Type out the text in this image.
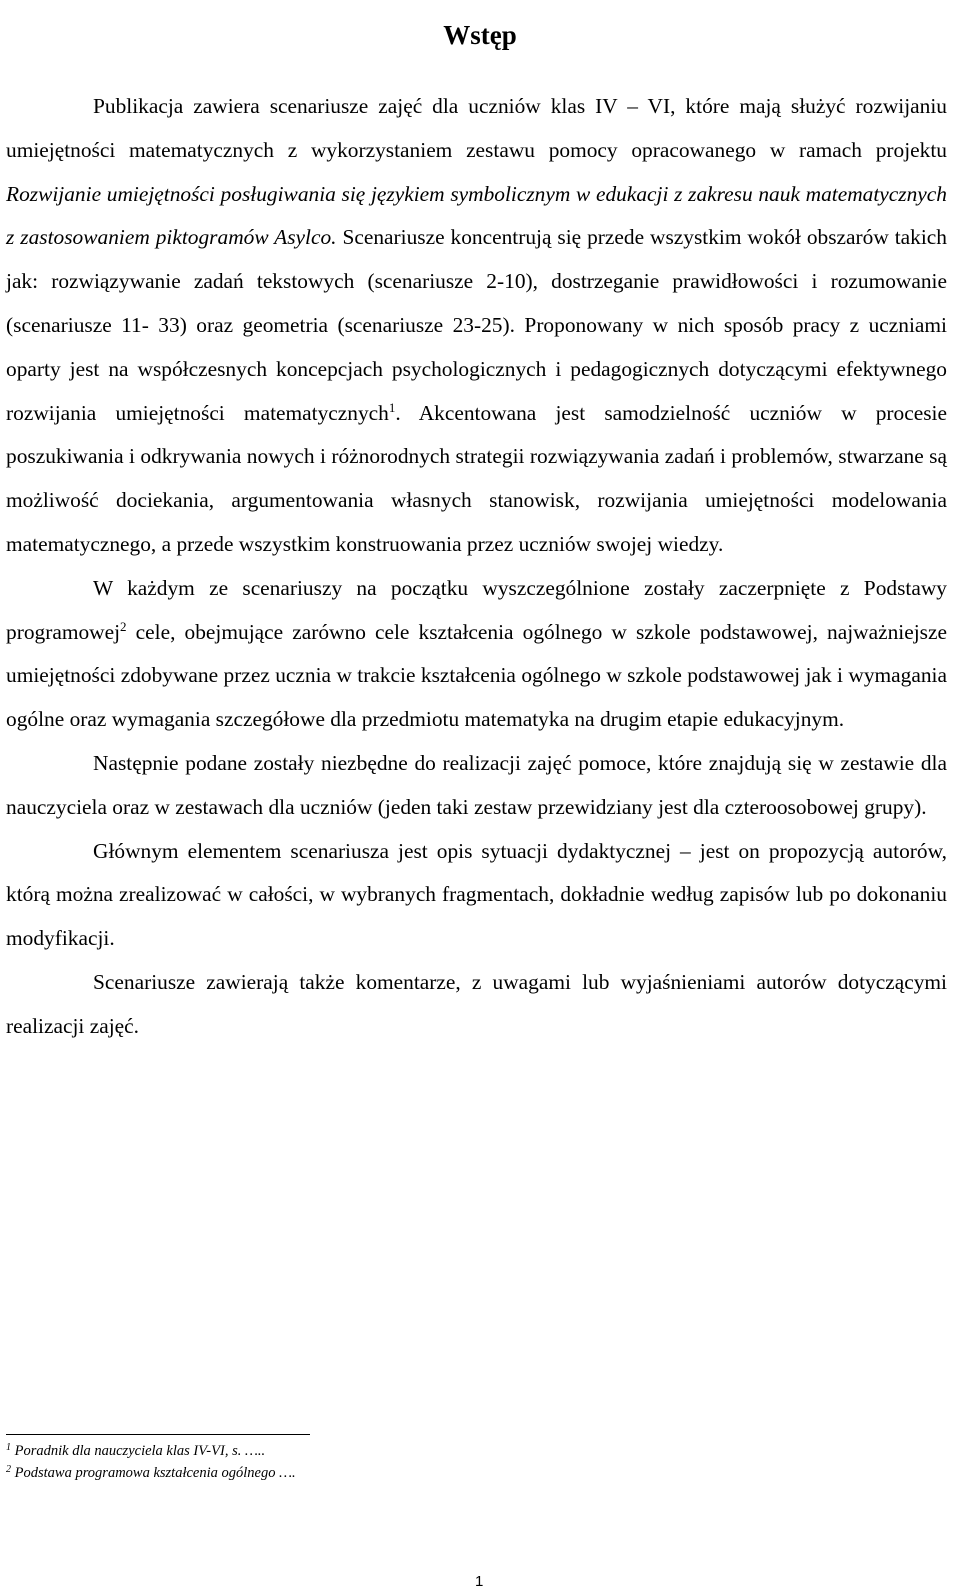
Wstęp

Publikacja zawiera scenariusze zajęć dla uczniów klas IV – VI, które mają służyć rozwijaniu umiejętności matematycznych z wykorzystaniem zestawu pomocy opracowanego w ramach projektu Rozwijanie umiejętności posługiwania się językiem symbolicznym w edukacji z zakresu nauk matematycznych z zastosowaniem piktogramów Asylco. Scenariusze koncentrują się przede wszystkim wokół obszarów takich jak: rozwiązywanie zadań tekstowych (scenariusze 2-10), dostrzeganie prawidłowości i rozumowanie (scenariusze 11- 33) oraz geometria (scenariusze 23-25). Proponowany w nich sposób pracy z uczniami oparty jest na współczesnych koncepcjach psychologicznych i pedagogicznych dotyczącymi efektywnego rozwijania umiejętności matematycznych$^1$. Akcentowana jest samodzielność uczniów w procesie poszukiwania i odkrywania nowych i różnorodnych strategii rozwiązywania zadań i problemów, stwarzane są możliwość dociekania, argumentowania własnych stanowisk, rozwijania umiejętności modelowania matematycznego, a przede wszystkim konstruowania przez uczniów swojej wiedzy.

W każdym ze scenariuszy na początku wyszczególnione zostały zaczerpnięte z Podstawy programowej$^2$ cele, obejmujące zarówno cele kształcenia ogólnego w szkole podstawowej, najważniejsze umiejętności zdobywane przez ucznia w trakcie kształcenia ogólnego w szkole podstawowej jak i wymagania ogólne oraz wymagania szczegółowe dla przedmiotu matematyka na drugim etapie edukacyjnym.

Następnie podane zostały niezbędne do realizacji zajęć pomoce, które znajdują się w zestawie dla nauczyciela oraz w zestawach dla uczniów (jeden taki zestaw przewidziany jest dla czteroosobowej grupy).

Głównym elementem scenariusza jest opis sytuacji dydaktycznej – jest on propozycją autorów, którą można zrealizować w całości, w wybranych fragmentach, dokładnie według zapisów lub po dokonaniu modyfikacji.

Scenariusze zawierają także komentarze, z uwagami lub wyjaśnieniami autorów dotyczącymi realizacji zajęć.

$^1$ Poradnik dla nauczyciela klas IV-VI, s. …..
$^2$ Podstawa programowa kształcenia ogólnego ….
1
